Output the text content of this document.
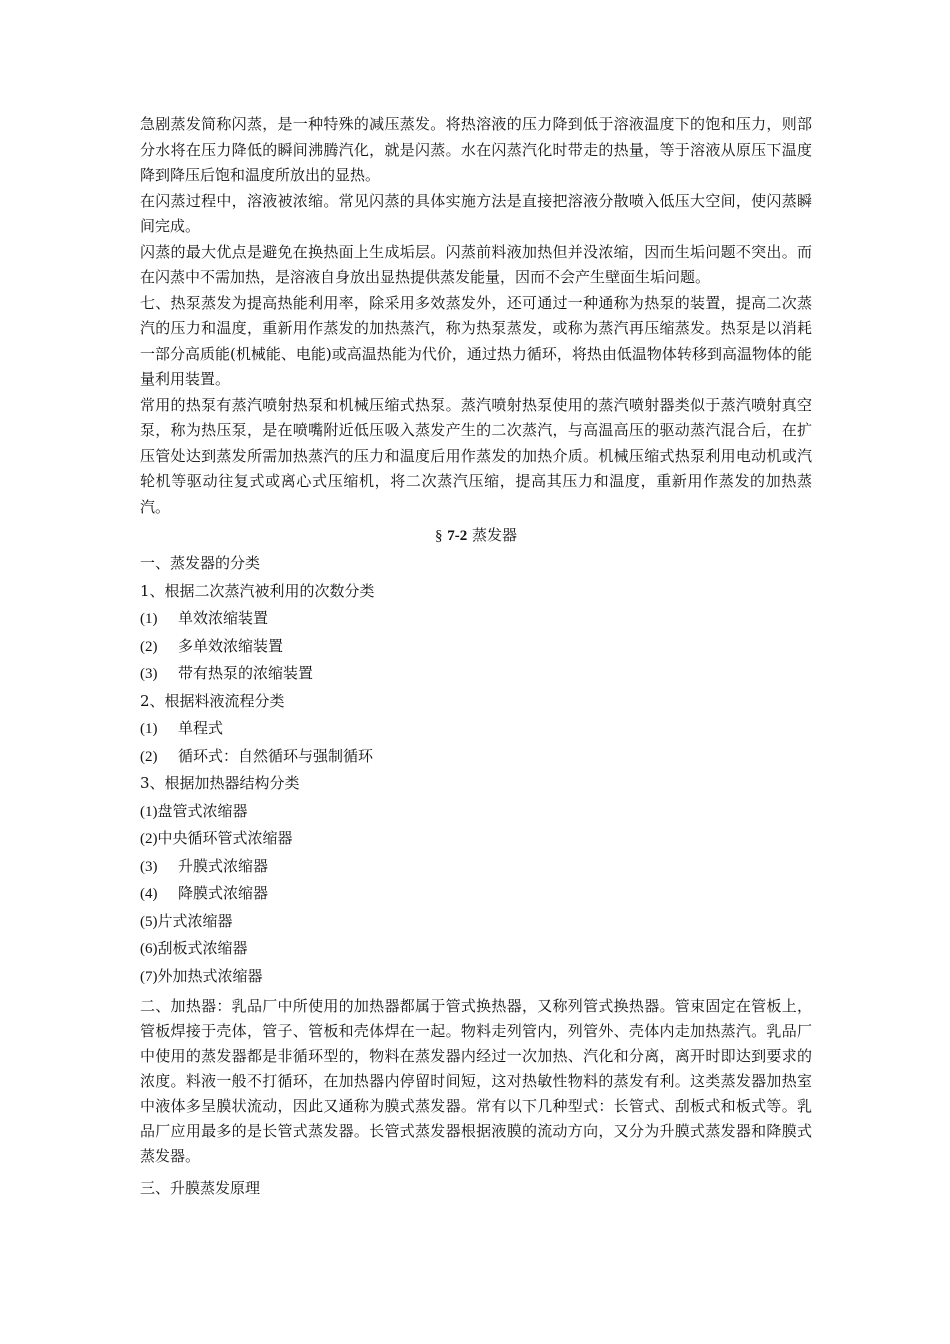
急剧蒸发简称闪蒸，是一种特殊的减压蒸发。将热溶液的压力降到低于溶液温度下的饱和压力，则部分水将在压力降低的瞬间沸腾汽化，就是闪蒸。水在闪蒸汽化时带走的热量，等于溶液从原压下温度降到降压后饱和温度所放出的显热。

在闪蒸过程中，溶液被浓缩。常见闪蒸的具体实施方法是直接把溶液分散喷入低压大空间，使闪蒸瞬间完成。

闪蒸的最大优点是避免在换热面上生成垢层。闪蒸前料液加热但并没浓缩，因而生垢问题不突出。而在闪蒸中不需加热，是溶液自身放出显热提供蒸发能量，因而不会产生壁面生垢问题。

七、热泵蒸发为提高热能利用率，除采用多效蒸发外，还可通过一种通称为热泵的装置，提高二次蒸汽的压力和温度，重新用作蒸发的加热蒸汽，称为热泵蒸发，或称为蒸汽再压缩蒸发。热泵是以消耗一部分高质能(机械能、电能)或高温热能为代价，通过热力循环，将热由低温物体转移到高温物体的能量利用装置。

常用的热泵有蒸汽喷射热泵和机械压缩式热泵。蒸汽喷射热泵使用的蒸汽喷射器类似于蒸汽喷射真空泵，称为热压泵，是在喷嘴附近低压吸入蒸发产生的二次蒸汽，与高温高压的驱动蒸汽混合后，在扩压管处达到蒸发所需加热蒸汽的压力和温度后用作蒸发的加热介质。机械压缩式热泵利用电动机或汽轮机等驱动往复式或离心式压缩机，将二次蒸汽压缩，提高其压力和温度，重新用作蒸发的加热蒸汽。

§ 7-2 蒸发器

一、蒸发器的分类

1、根据二次蒸汽被利用的次数分类

(1) 单效浓缩装置

(2) 多单效浓缩装置

(3) 带有热泵的浓缩装置

2、根据料液流程分类

(1) 单程式

(2) 循环式：自然循环与强制循环

3、根据加热器结构分类

(1)盘管式浓缩器

(2)中央循环管式浓缩器

(3) 升膜式浓缩器

(4) 降膜式浓缩器

(5)片式浓缩器

(6)刮板式浓缩器

(7)外加热式浓缩器

二、加热器：乳品厂中所使用的加热器都属于管式换热器，又称列管式换热器。管束固定在管板上，管板焊接于壳体，管子、管板和壳体焊在一起。物料走列管内，列管外、壳体内走加热蒸汽。乳品厂中使用的蒸发器都是非循环型的，物料在蒸发器内经过一次加热、汽化和分离，离开时即达到要求的浓度。料液一般不打循环，在加热器内停留时间短，这对热敏性物料的蒸发有利。这类蒸发器加热室中液体多呈膜状流动，因此又通称为膜式蒸发器。常有以下几种型式：长管式、刮板式和板式等。乳品厂应用最多的是长管式蒸发器。长管式蒸发器根据液膜的流动方向，又分为升膜式蒸发器和降膜式蒸发器。

三、升膜蒸发原理
